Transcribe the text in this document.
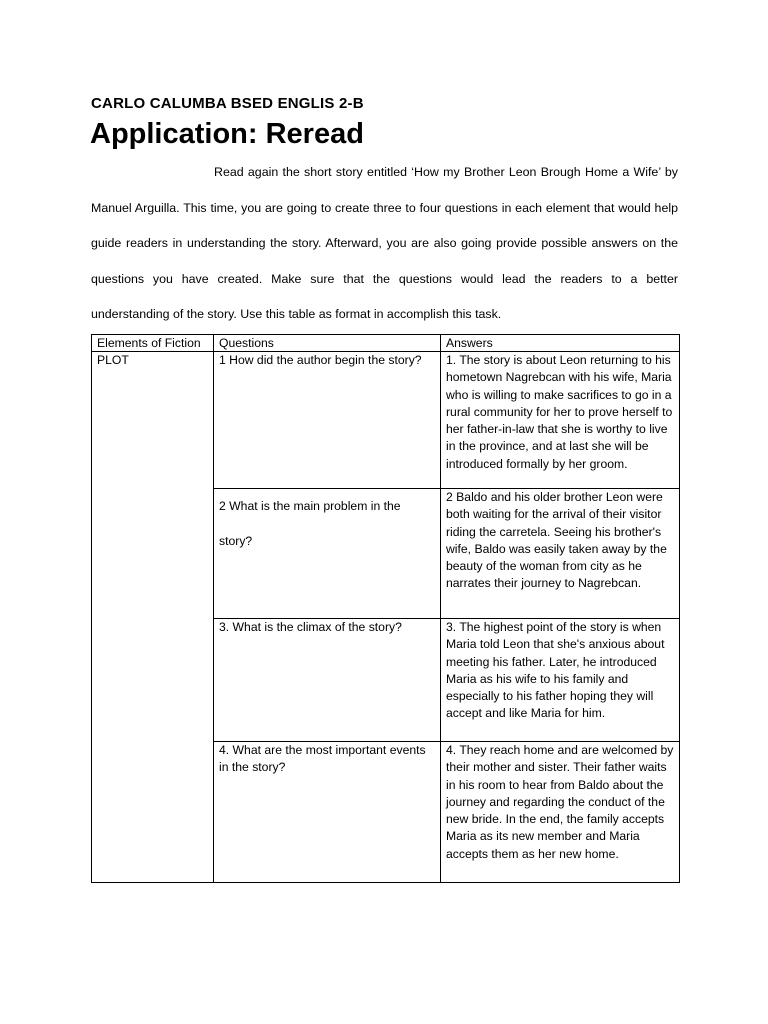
CARLO CALUMBA BSED ENGLIS 2-B
Application: Reread
Read again the short story entitled ‘How my Brother Leon Brough Home a Wife’ by Manuel Arguilla. This time, you are going to create three to four questions in each element that would help guide readers in understanding the story. Afterward, you are also going provide possible answers on the questions you have created. Make sure that the questions would lead the readers to a better understanding of the story. Use this table as format in accomplish this task.
Elements of Fiction	Questions	Answers
PLOT	1 How did the author begin the story?	1. The story is about Leon returning to his hometown Nagrebcan with his wife, Maria who is willing to make sacrifices to go in a rural community for her to prove herself to her father-in-law that she is worthy to live in the province, and at last she will be introduced formally by her groom.
	2 What is the main problem in the story?	2 Baldo and his older brother Leon were both waiting for the arrival of their visitor riding the carretela. Seeing his brother's wife, Baldo was easily taken away by the beauty of the woman from city as he narrates their journey to Nagrebcan.
	3. What is the climax of the story?	3. The highest point of the story is when Maria told Leon that she's anxious about meeting his father. Later, he introduced Maria as his wife to his family and especially to his father hoping they will accept and like Maria for him.
	4. What are the most important events in the story?	4. They reach home and are welcomed by their mother and sister. Their father waits in his room to hear from Baldo about the journey and regarding the conduct of the new bride. In the end, the family accepts Maria as its new member and Maria accepts them as her new home.
